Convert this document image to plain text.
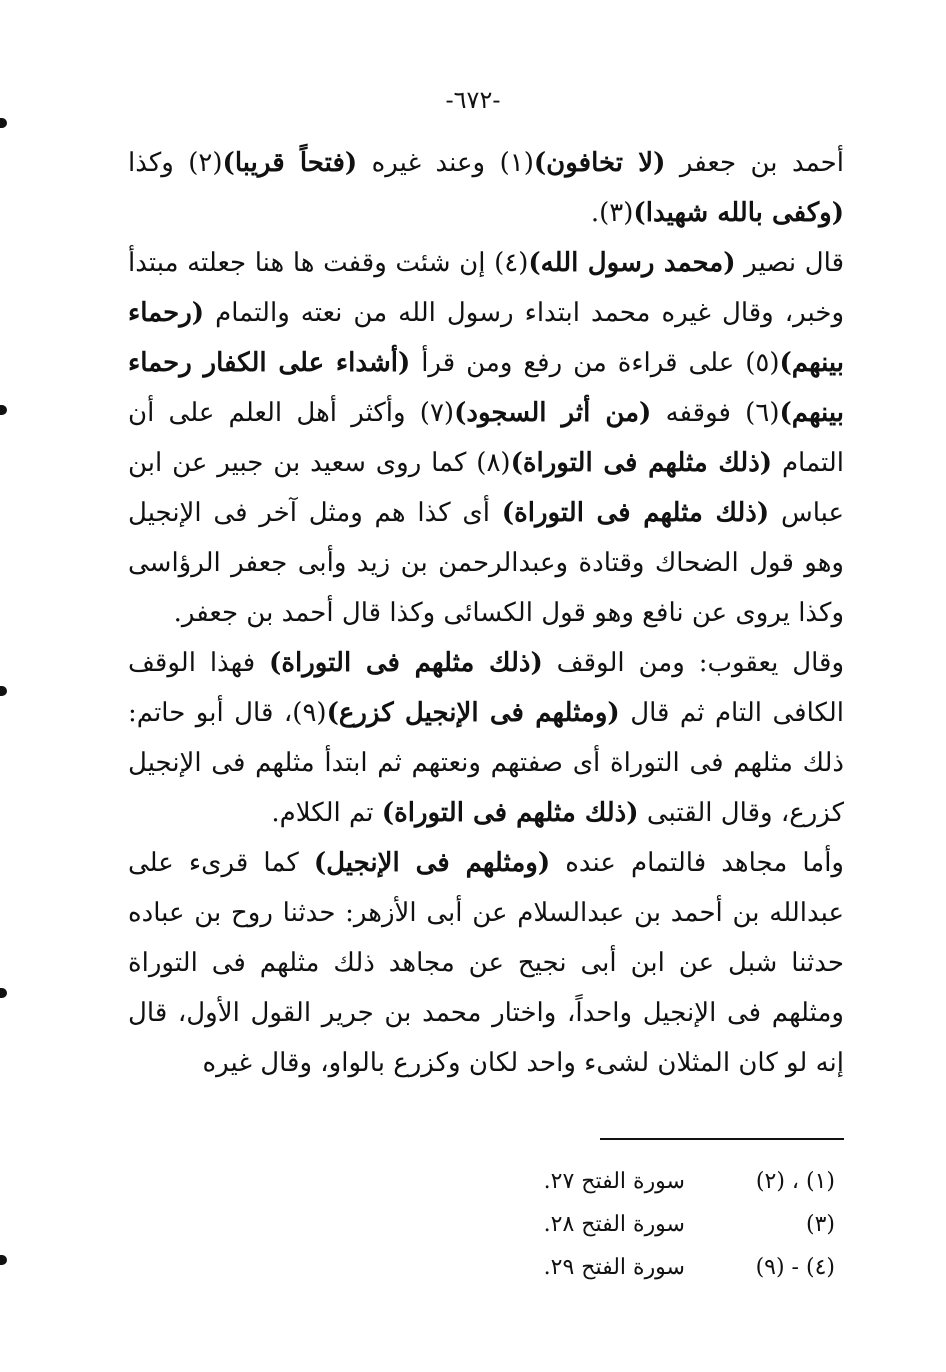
-٦٧٢-

أحمد بن جعفر (لا تخافون)(١) وعند غيره (فتحاً قريبا)(٢) وكذا (وكفى بالله شهيدا)(٣).

قال نصير (محمد رسول الله)(٤) إن شئت وقفت ها هنا جعلته مبتدأ وخبر، وقال غيره محمد ابتداء رسول الله من نعته والتمام (رحماء بينهم)(٥) على قراءة من رفع ومن قرأ (أشداء على الكفار رحماء بينهم)(٦) فوقفه (من أثر السجود)(٧) وأكثر أهل العلم على أن التمام (ذلك مثلهم فى التوراة)(٨) كما روى سعيد بن جبير عن ابن عباس (ذلك مثلهم فى التوراة) أى كذا هم ومثل آخر فى الإنجيل وهو قول الضحاك وقتادة وعبدالرحمن بن زيد وأبى جعفر الرؤاسى وكذا يروى عن نافع وهو قول الكسائى وكذا قال أحمد بن جعفر.

وقال يعقوب: ومن الوقف (ذلك مثلهم فى التوراة) فهذا الوقف الكافى التام ثم قال (ومثلهم فى الإنجيل كزرع)(٩)، قال أبو حاتم: ذلك مثلهم فى التوراة أى صفتهم ونعتهم ثم ابتدأ مثلهم فى الإنجيل كزرع، وقال القتبى (ذلك مثلهم فى التوراة) تم الكلام.

وأما مجاهد فالتمام عنده (ومثلهم فى الإنجيل) كما قرىء على عبدالله بن أحمد بن عبدالسلام عن أبى الأزهر: حدثنا روح بن عباده حدثنا شبل عن ابن أبى نجيح عن مجاهد ذلك مثلهم فى التوراة ومثلهم فى الإنجيل واحداً، واختار محمد بن جرير القول الأول، قال إنه لو كان المثلان لشىء واحد لكان وكزرع بالواو، وقال غيره

(١) ، (٢)
سورة الفتح ٢٧.
(٣)
سورة الفتح ٢٨.
(٤) - (٩)
سورة الفتح ٢٩.
